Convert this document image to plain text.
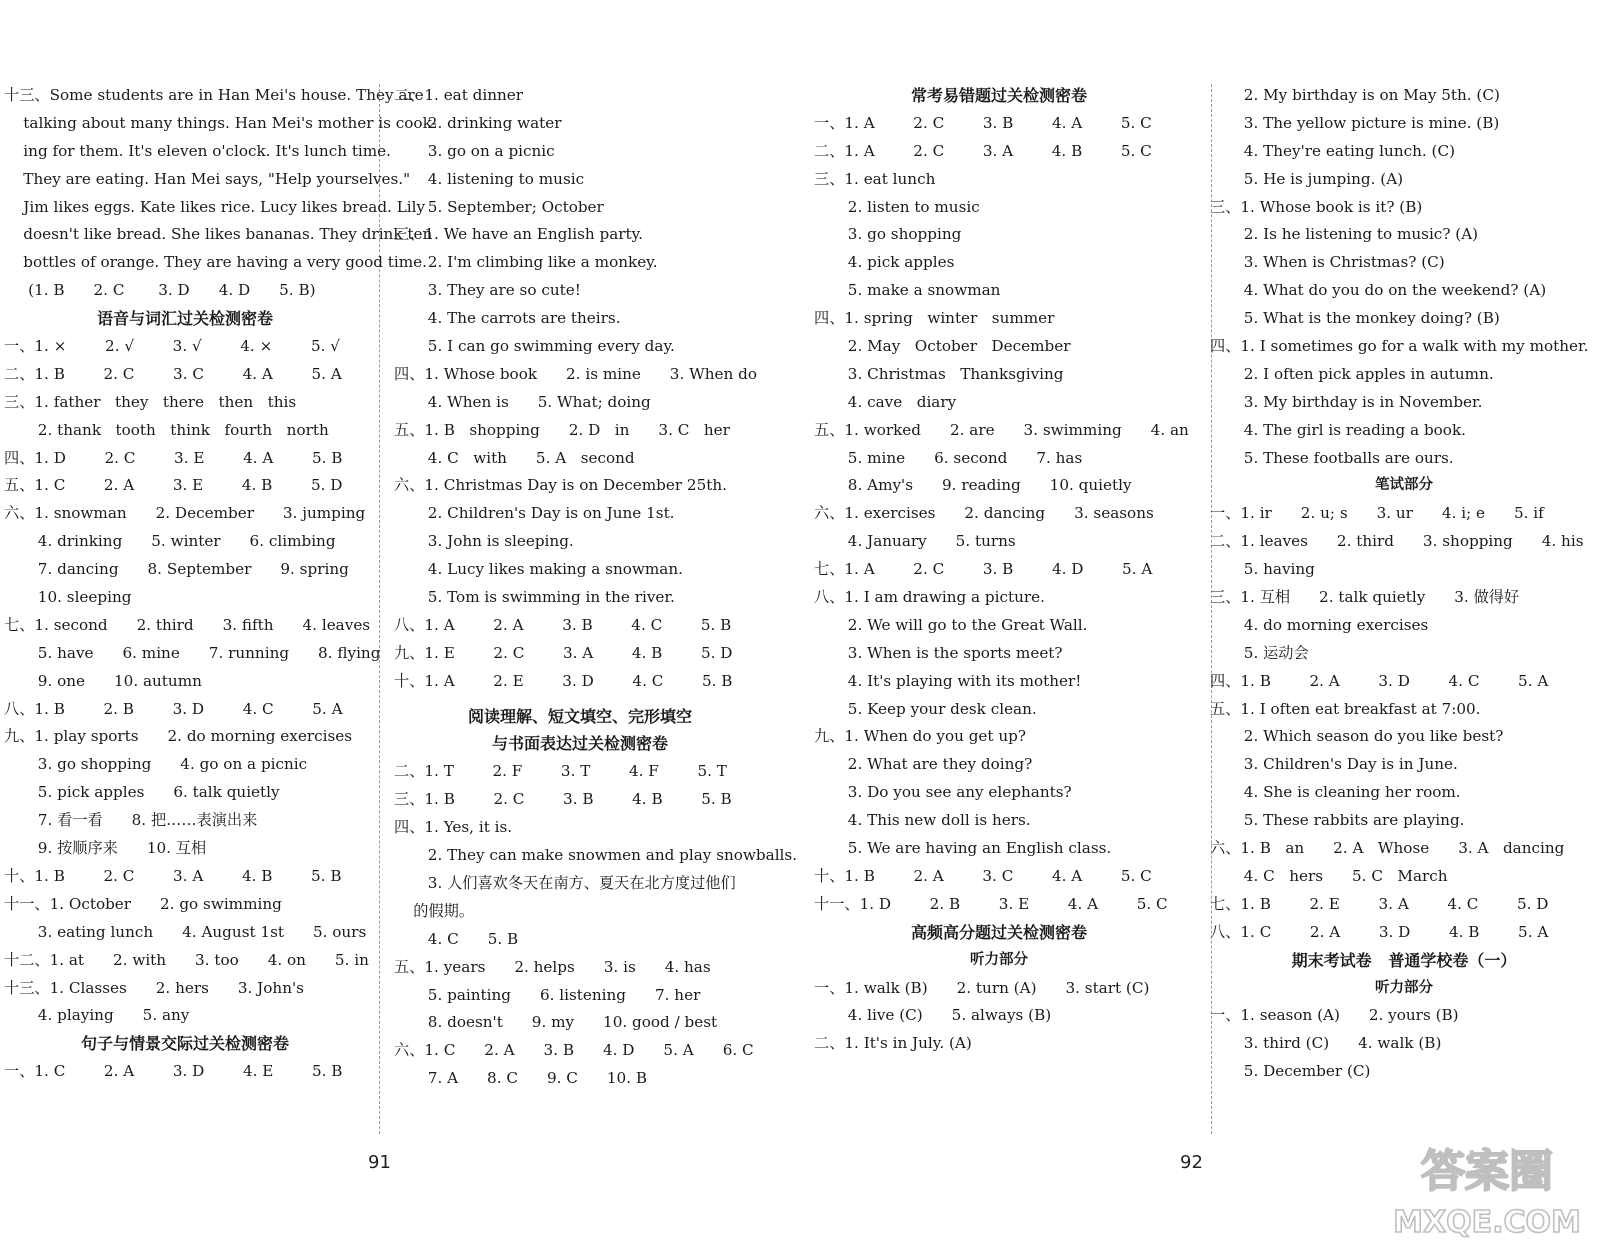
十三、Some students are in Han Mei's house. They are
talking about many things. Han Mei's mother is cook-
ing for them. It's eleven o'clock. It's lunch time.
They are eating. Han Mei says, "Help yourselves."
Jim likes eggs. Kate likes rice. Lucy likes bread. Lily
doesn't like bread. She likes bananas. They drink ten
bottles of orange. They are having a very good time.
(1. B      2. C       3. D      4. D      5. B)
语音与词汇过关检测密卷
一、1. ×        2. √        3. √        4. ×        5. √
二、1. B        2. C        3. C        4. A        5. A
三、1. father   they   there   then   this
2. thank   tooth   think   fourth   north
四、1. D        2. C        3. E        4. A        5. B
五、1. C        2. A        3. E        4. B        5. D
六、1. snowman      2. December      3. jumping
4. drinking      5. winter      6. climbing
7. dancing      8. September      9. spring
10. sleeping
七、1. second      2. third      3. fifth      4. leaves
5. have      6. mine      7. running      8. flying
9. one      10. autumn
八、1. B        2. B        3. D        4. C        5. A
九、1. play sports      2. do morning exercises
3. go shopping      4. go on a picnic
5. pick apples      6. talk quietly
7. 看一看      8. 把……表演出来
9. 按顺序来      10. 互相
十、1. B        2. C        3. A        4. B        5. B
十一、1. October      2. go swimming
3. eating lunch      4. August 1st      5. ours
十二、1. at      2. with      3. too      4. on      5. in
十三、1. Classes      2. hers      3. John's
4. playing      5. any
句子与情景交际过关检测密卷
一、1. C        2. A        3. D        4. E        5. B
二、1. eat dinner
2. drinking water
3. go on a picnic
4. listening to music
5. September; October
三、1. We have an English party.
2. I'm climbing like a monkey.
3. They are so cute!
4. The carrots are theirs.
5. I can go swimming every day.
四、1. Whose book      2. is mine      3. When do
4. When is      5. What; doing
五、1. B   shopping      2. D   in      3. C   her
4. C   with      5. A   second
六、1. Christmas Day is on December 25th.
2. Children's Day is on June 1st.
3. John is sleeping.
4. Lucy likes making a snowman.
5. Tom is swimming in the river.
八、1. A        2. A        3. B        4. C        5. B
九、1. E        2. C        3. A        4. B        5. D
十、1. A        2. E        3. D        4. C        5. B
阅读理解、短文填空、完形填空
与书面表达过关检测密卷
二、1. T        2. F        3. T        4. F        5. T
三、1. B        2. C        3. B        4. B        5. B
四、1. Yes, it is.
2. They can make snowmen and play snowballs.
3. 人们喜欢冬天在南方、夏天在北方度过他们
的假期。
4. C      5. B
五、1. years      2. helps      3. is      4. has
5. painting      6. listening      7. her
8. doesn't      9. my      10. good / best
六、1. C      2. A      3. B      4. D      5. A      6. C
7. A      8. C      9. C      10. B
常考易错题过关检测密卷
一、1. A        2. C        3. B        4. A        5. C
二、1. A        2. C        3. A        4. B        5. C
三、1. eat lunch
2. listen to music
3. go shopping
4. pick apples
5. make a snowman
四、1. spring   winter   summer
2. May   October   December
3. Christmas   Thanksgiving
4. cave   diary
五、1. worked      2. are      3. swimming      4. an
5. mine      6. second      7. has
8. Amy's      9. reading      10. quietly
六、1. exercises      2. dancing      3. seasons
4. January      5. turns
七、1. A        2. C        3. B        4. D        5. A
八、1. I am drawing a picture.
2. We will go to the Great Wall.
3. When is the sports meet?
4. It's playing with its mother!
5. Keep your desk clean.
九、1. When do you get up?
2. What are they doing?
3. Do you see any elephants?
4. This new doll is hers.
5. We are having an English class.
十、1. B        2. A        3. C        4. A        5. C
十一、1. D        2. B        3. E        4. A        5. C
高频高分题过关检测密卷
听力部分
一、1. walk (B)      2. turn (A)      3. start (C)
4. live (C)      5. always (B)
二、1. It's in July. (A)
2. My birthday is on May 5th. (C)
3. The yellow picture is mine. (B)
4. They're eating lunch. (C)
5. He is jumping. (A)
三、1. Whose book is it? (B)
2. Is he listening to music? (A)
3. When is Christmas? (C)
4. What do you do on the weekend? (A)
5. What is the monkey doing? (B)
四、1. I sometimes go for a walk with my mother.
2. I often pick apples in autumn.
3. My birthday is in November.
4. The girl is reading a book.
5. These footballs are ours.
笔试部分
一、1. ir      2. u; s      3. ur      4. i; e      5. if
二、1. leaves      2. third      3. shopping      4. his
5. having
三、1. 互相      2. talk quietly      3. 做得好
4. do morning exercises
5. 运动会
四、1. B        2. A        3. D        4. C        5. A
五、1. I often eat breakfast at 7:00.
2. Which season do you like best?
3. Children's Day is in June.
4. She is cleaning her room.
5. These rabbits are playing.
六、1. B   an      2. A   Whose      3. A   dancing
4. C   hers      5. C   March
七、1. B        2. E        3. A        4. C        5. D
八、1. C        2. A        3. D        4. B        5. A
期末考试卷   普通学校卷（一）
听力部分
一、1. season (A)      2. yours (B)
3. third (C)      4. walk (B)
5. December (C)
91	92	答案圈
MXQE.COM
